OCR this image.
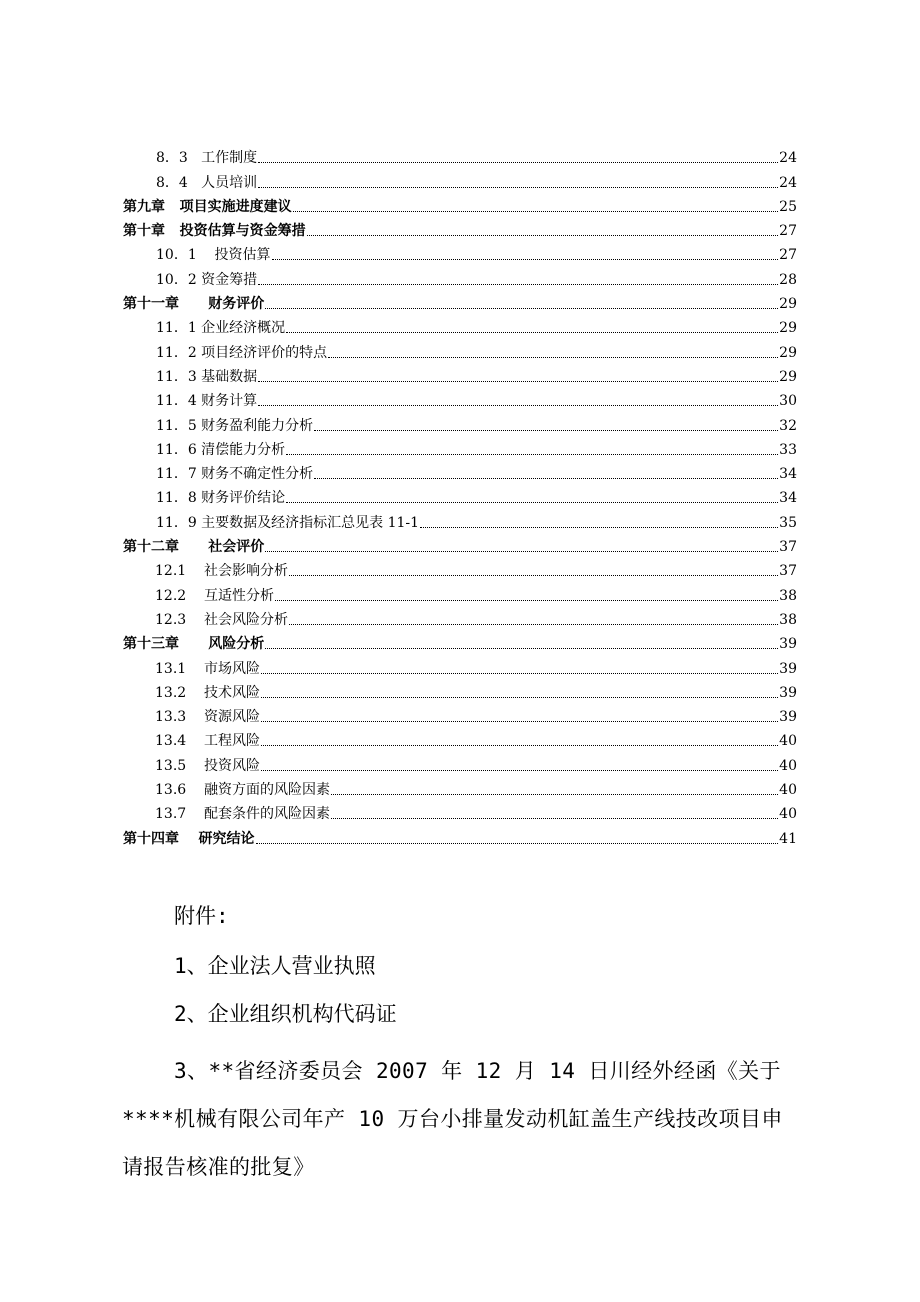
8．3   工作制度	24
8．4   人员培训	24
第九章   项目实施进度建议	25
第十章   投资估算与资金筹措	27
10．1    投资估算	27
10．2 资金筹措	28
第十一章      财务评价	29
11．1 企业经济概况	29
11．2 项目经济评价的特点	29
11．3 基础数据	29
11．4 财务计算	30
11．5 财务盈利能力分析	32
11．6 清偿能力分析	33
11．7 财务不确定性分析	34
11．8 财务评价结论	34
11．9 主要数据及经济指标汇总见表 11-1	35
第十二章      社会评价	37
12.1    社会影响分析	37
12.2    互适性分析	38
12.3    社会风险分析	38
第十三章      风险分析	39
13.1    市场风险	39
13.2    技术风险	39
13.3    资源风险	39
13.4    工程风险	40
13.5    投资风险	40
13.6    融资方面的风险因素	40
13.7    配套条件的风险因素	40
第十四章    研究结论	41
附件:
1、企业法人营业执照
2、企业组织机构代码证
3、**省经济委员会 2007 年 12 月 14 日川经外经函《关于****机械有限公司年产 10 万台小排量发动机缸盖生产线技改项目申请报告核准的批复》
